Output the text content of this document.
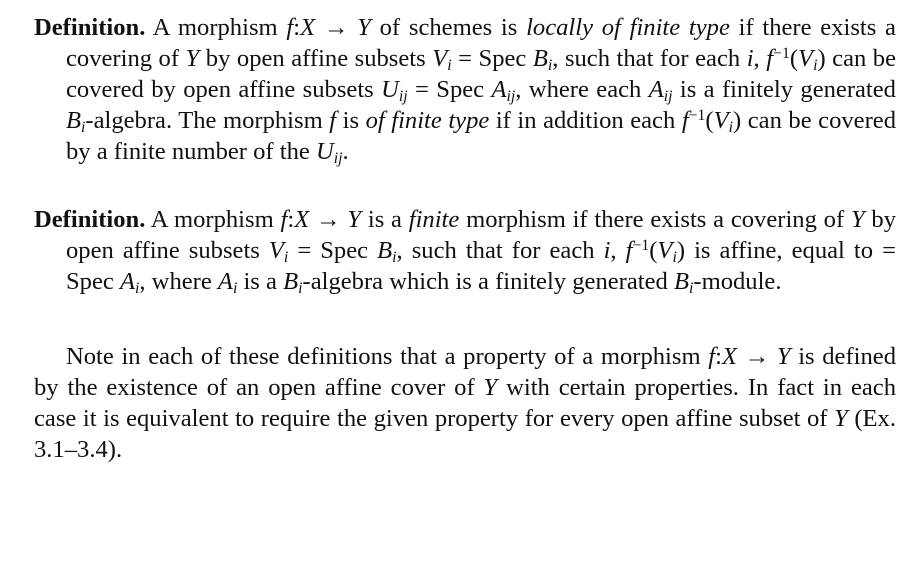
Definition. A morphism f:X → Y of schemes is locally of finite type if there exists a covering of Y by open affine subsets $V_i$ = Spec $B_i$, such that for each i, $f^{-1}(V_i)$ can be covered by open affine subsets $U_{ij}$ = Spec $A_{ij}$, where each $A_{ij}$ is a finitely generated $B_i$-algebra. The morphism f is of finite type if in addition each $f^{-1}(V_i)$ can be covered by a finite number of the $U_{ij}$.

Definition. A morphism f:X → Y is a finite morphism if there exists a covering of Y by open affine subsets $V_i$ = Spec $B_i$, such that for each i, $f^{-1}(V_i)$ is affine, equal to = Spec $A_i$, where $A_i$ is a $B_i$-algebra which is a finitely generated $B_i$-module.

Note in each of these definitions that a property of a morphism f:X → Y is defined by the existence of an open affine cover of Y with certain properties. In fact in each case it is equivalent to require the given property for every open affine subset of Y (Ex. 3.1–3.4).
